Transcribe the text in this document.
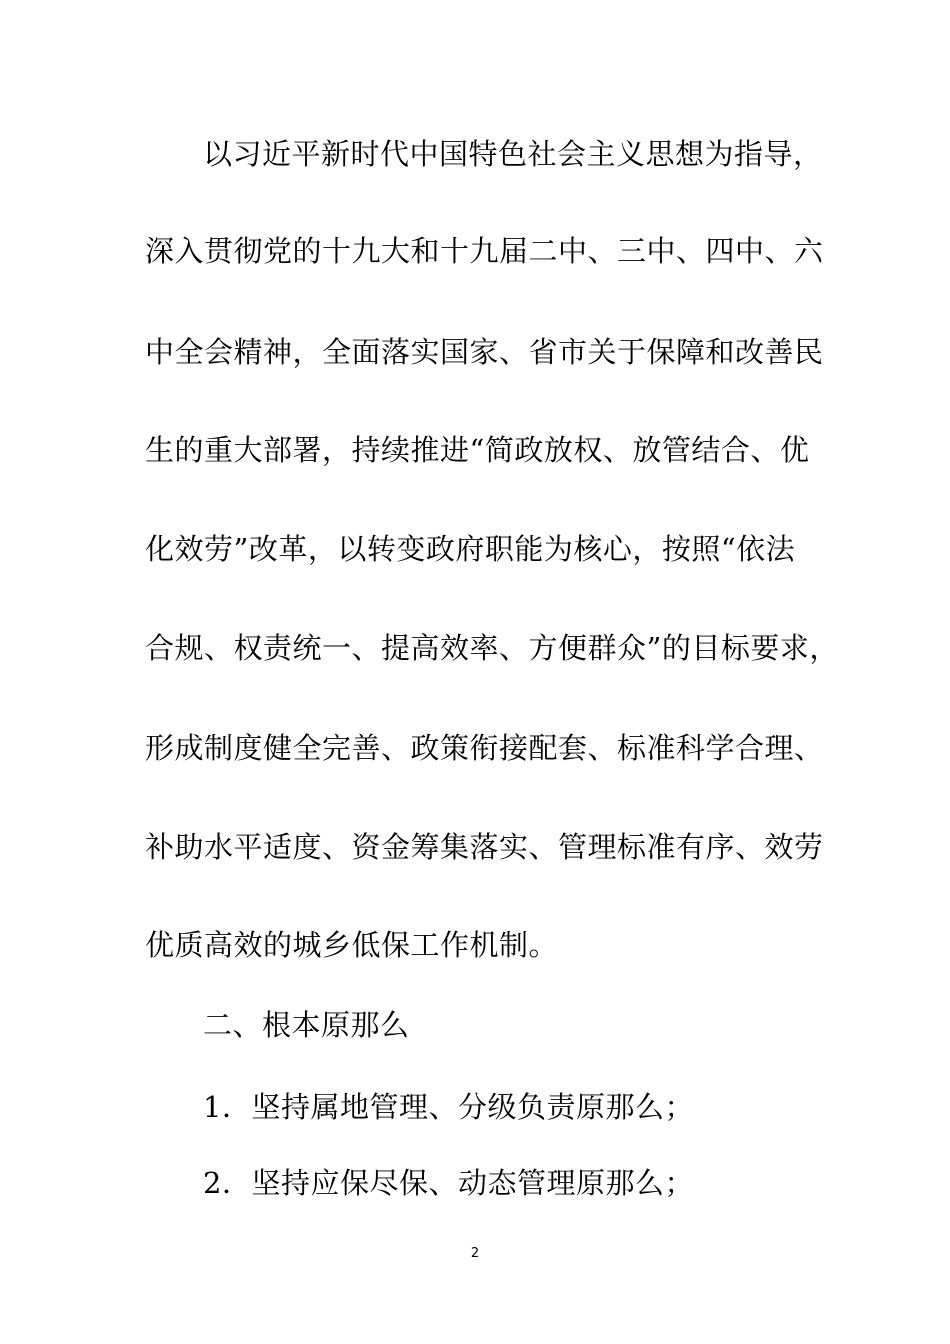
以习近平新时代中国特色社会主义思想为指导，
深入贯彻党的十九大和十九届二中、三中、四中、六
中全会精神，全面落实国家、省市关于保障和改善民
生的重大部署，持续推进“简政放权、放管结合、优
化效劳”改革，以转变政府职能为核心，按照“依法
合规、权责统一、提高效率、方便群众”的目标要求，
形成制度健全完善、政策衔接配套、标准科学合理、
补助水平适度、资金筹集落实、管理标准有序、效劳
优质高效的城乡低保工作机制。
二、根本原那么
1．坚持属地管理、分级负责原那么；
2．坚持应保尽保、动态管理原那么；
2
